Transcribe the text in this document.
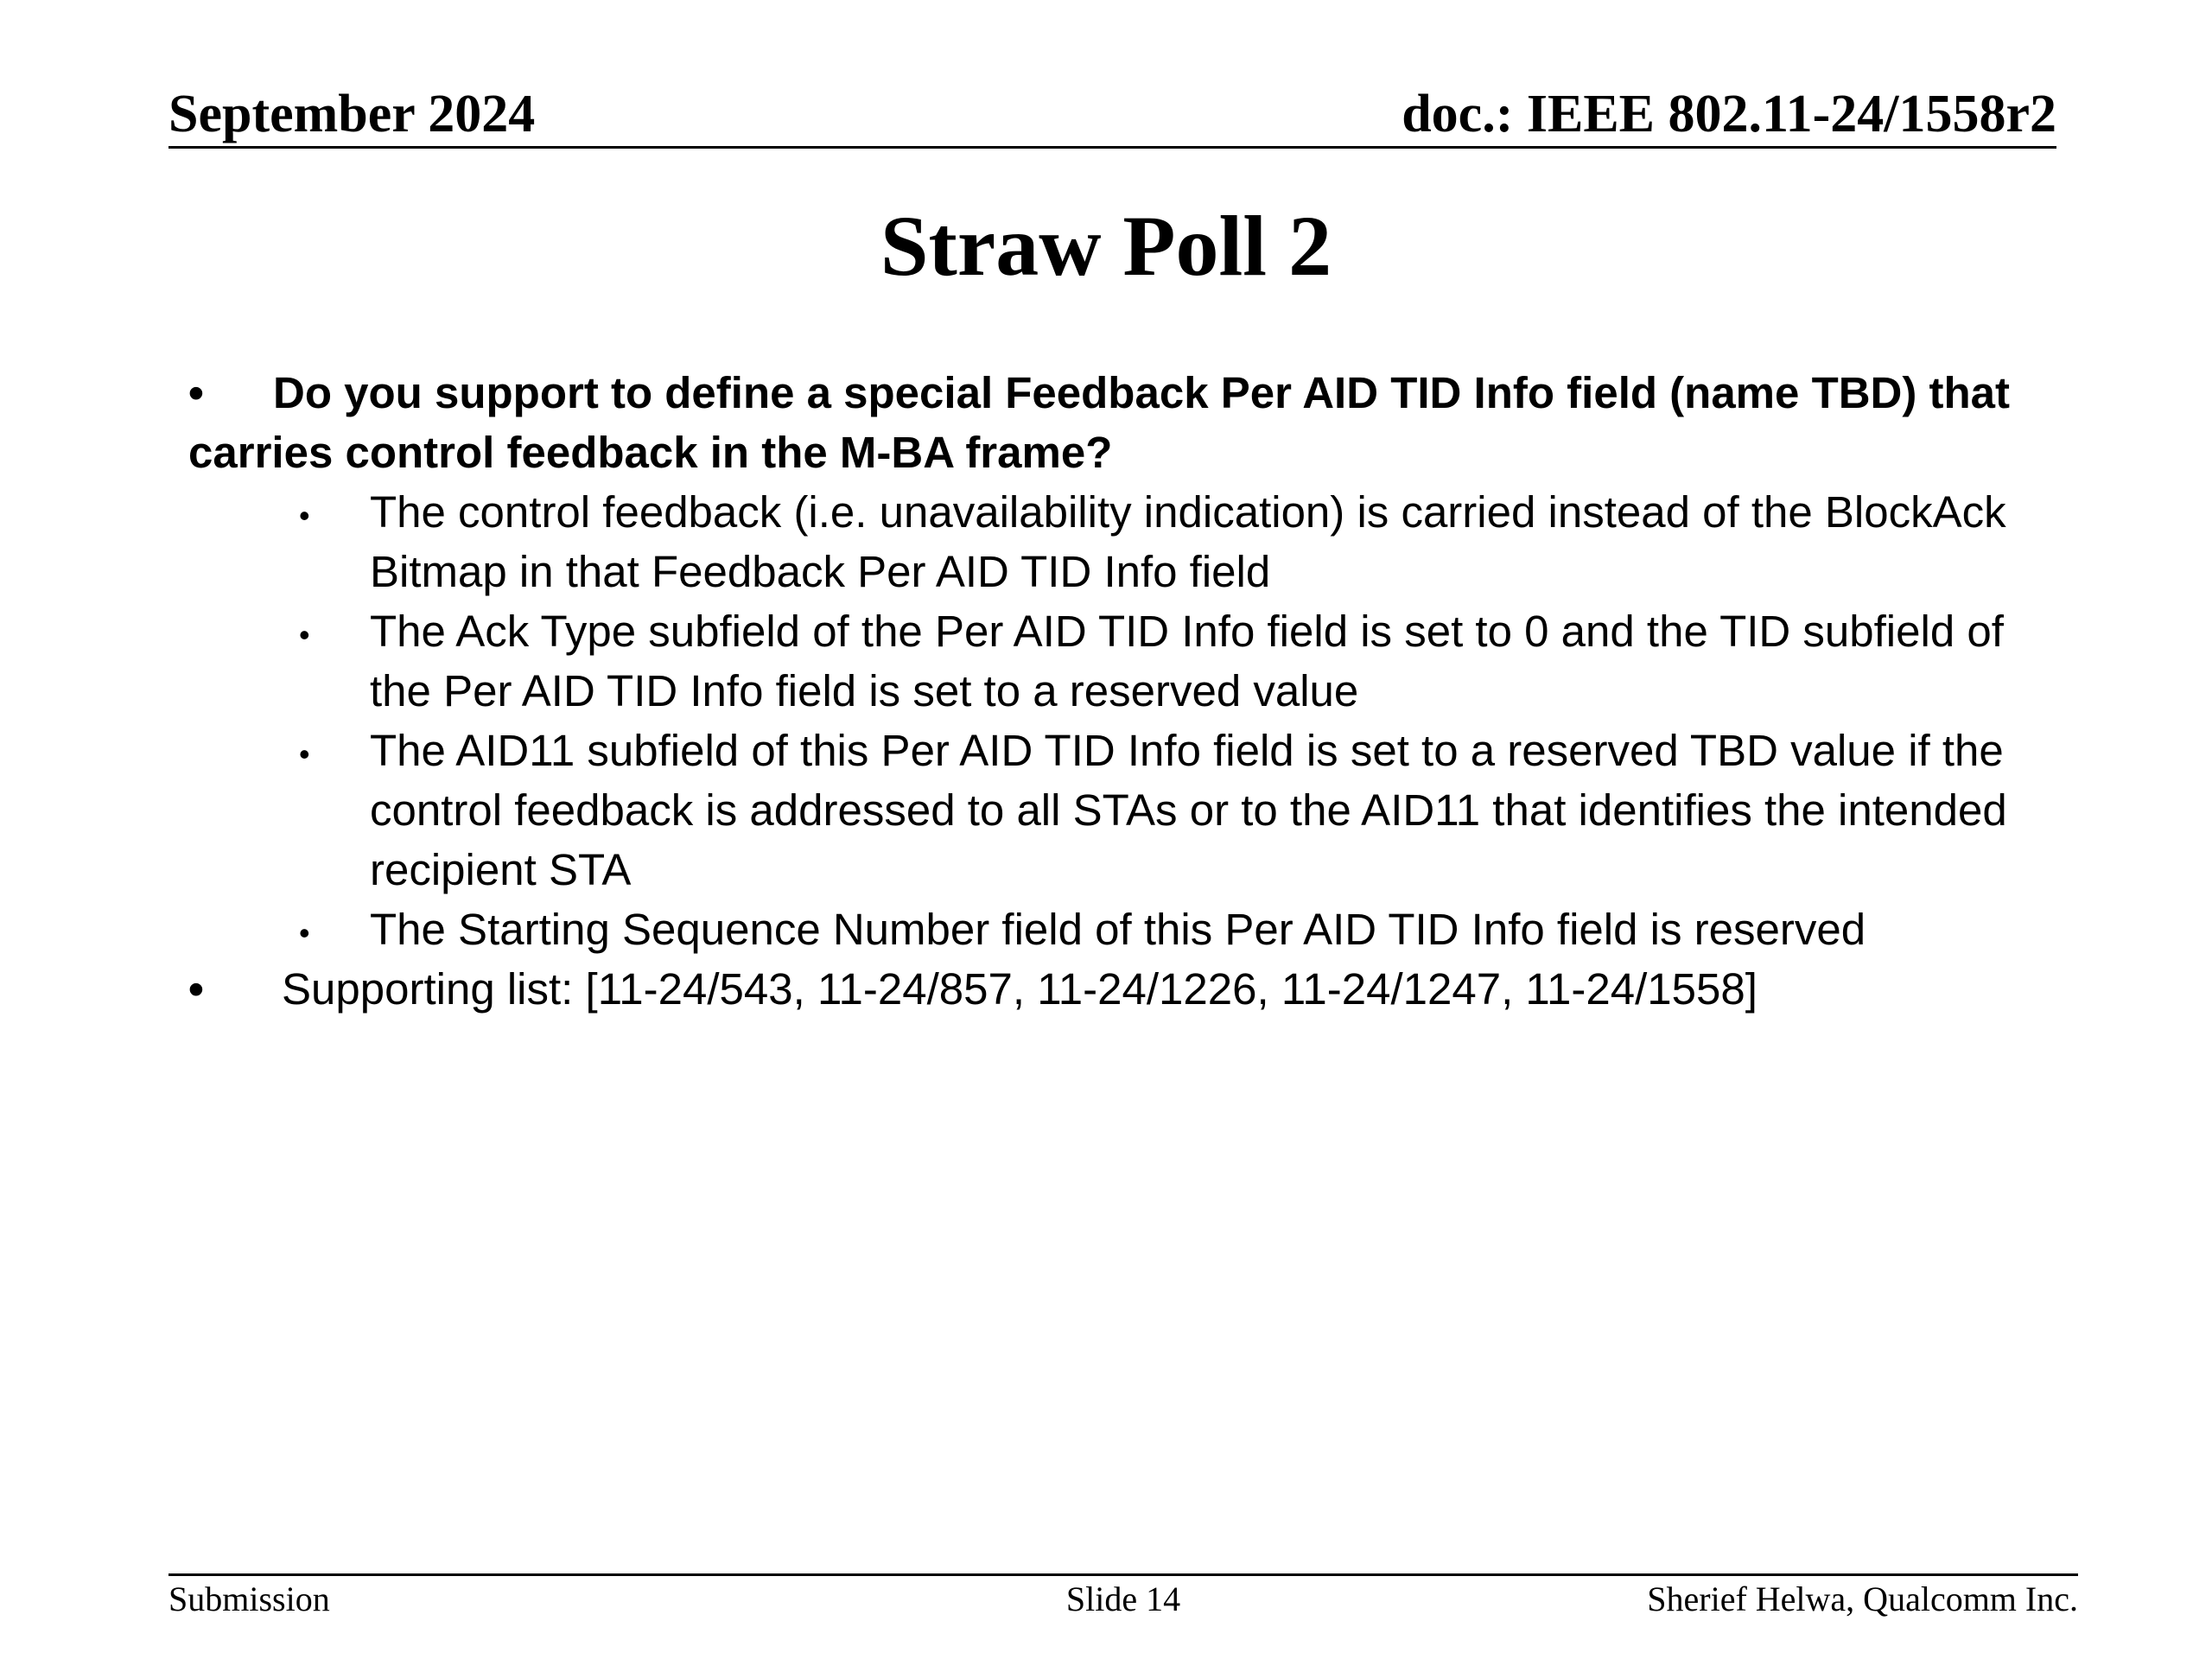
September 2024	doc.: IEEE 802.11-24/1558r2
Straw Poll 2
• Do you support to define a special Feedback Per AID TID Info field (name TBD) that carries control feedback in the M-BA frame?
• The control feedback (i.e. unavailability indication) is carried instead of the BlockAck Bitmap in that Feedback Per AID TID Info field
• The Ack Type subfield of the Per AID TID Info field is set to 0 and the TID subfield of the Per AID TID Info field is set to a reserved value
• The AID11 subfield of this Per AID TID Info field is set to a reserved TBD value if the control feedback is addressed to all STAs or to the AID11 that identifies the intended recipient STA
• The Starting Sequence Number field of this Per AID TID Info field is reserved
• Supporting list: [11-24/543, 11-24/857, 11-24/1226, 11-24/1247, 11-24/1558]
Submission	Slide 14	Sherief Helwa, Qualcomm Inc.
